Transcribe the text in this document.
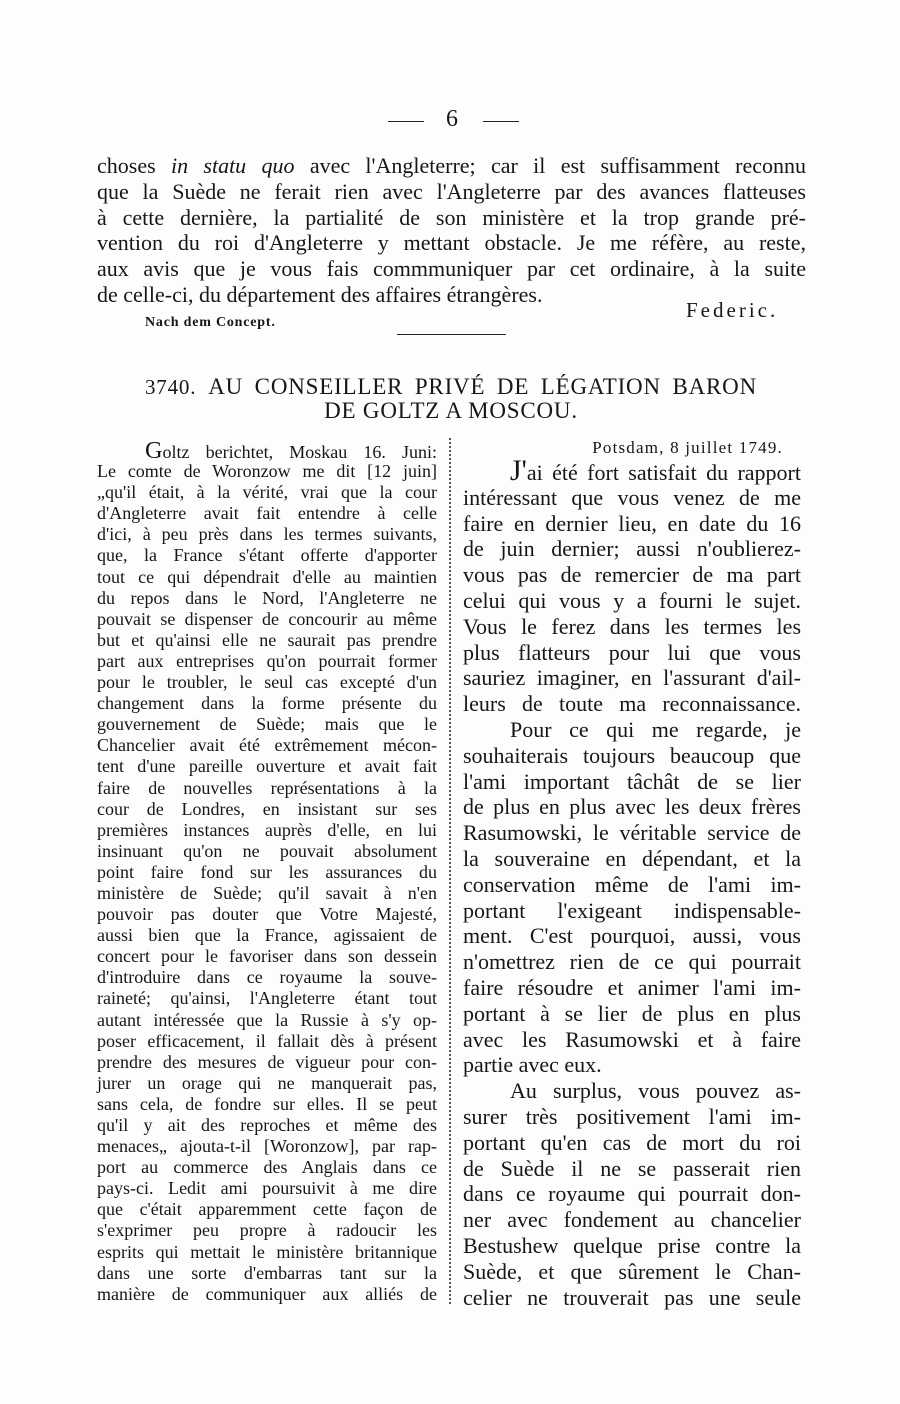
6
choses in statu quo avec l'Angleterre; car il est suffisamment reconnu
que la Suède ne ferait rien avec l'Angleterre par des avances flatteuses
à cette dernière, la partialité de son ministère et la trop grande pré-
vention du roi d'Angleterre y mettant obstacle. Je me réfère, au reste,
aux avis que je vous fais commmuniquer par cet ordinaire, à la suite
de celle-ci, du département des affaires étrangères.
Federic.
Nach dem Concept.
3740. AU CONSEILLER PRIVÉ DE LÉGATION BARON
DE GOLTZ A MOSCOU.
Goltz berichtet, Moskau 16. Juni:
Le comte de Woronzow me dit [12 juin]
„qu'il était, à la vérité, vrai que la cour
d'Angleterre avait fait entendre à celle
d'ici, à peu près dans les termes suivants,
que, la France s'étant offerte d'apporter
tout ce qui dépendrait d'elle au maintien
du repos dans le Nord, l'Angleterre ne
pouvait se dispenser de concourir au même
but et qu'ainsi elle ne saurait pas prendre
part aux entreprises qu'on pourrait former
pour le troubler, le seul cas excepté d'un
changement dans la forme présente du
gouvernement de Suède; mais que le
Chancelier avait été extrêmement mécon-
tent d'une pareille ouverture et avait fait
faire de nouvelles représentations à la
cour de Londres, en insistant sur ses
premières instances auprès d'elle, en lui
insinuant qu'on ne pouvait absolument
point faire fond sur les assurances du
ministère de Suède; qu'il savait à n'en
pouvoir pas douter que Votre Majesté,
aussi bien que la France, agissaient de
concert pour le favoriser dans son dessein
d'introduire dans ce royaume la souve-
raineté; qu'ainsi, l'Angleterre étant tout
autant intéressée que la Russie à s'y op-
poser efficacement, il fallait dès à présent
prendre des mesures de vigueur pour con-
jurer un orage qui ne manquerait pas,
sans cela, de fondre sur elles. Il se peut
qu'il y ait des reproches et même des
menaces„ ajouta-t-il [Woronzow], par rap-
port au commerce des Anglais dans ce
pays-ci. Ledit ami poursuivit à me dire
que c'était apparemment cette façon de
s'exprimer peu propre à radoucir les
esprits qui mettait le ministère britannique
dans une sorte d'embarras tant sur la
manière de communiquer aux alliés de
Potsdam, 8 juillet 1749.
J'ai été fort satisfait du rapport
intéressant que vous venez de me
faire en dernier lieu, en date du 16
de juin dernier; aussi n'oublierez-
vous pas de remercier de ma part
celui qui vous y a fourni le sujet.
Vous le ferez dans les termes les
plus flatteurs pour lui que vous
sauriez imaginer, en l'assurant d'ail-
leurs de toute ma reconnaissance.
Pour ce qui me regarde, je
souhaiterais toujours beaucoup que
l'ami important tâchât de se lier
de plus en plus avec les deux frères
Rasumowski, le véritable service de
la souveraine en dépendant, et la
conservation même de l'ami im-
portant l'exigeant indispensable-
ment. C'est pourquoi, aussi, vous
n'omettrez rien de ce qui pourrait
faire résoudre et animer l'ami im-
portant à se lier de plus en plus
avec les Rasumowski et à faire
partie avec eux.
Au surplus, vous pouvez as-
surer très positivement l'ami im-
portant qu'en cas de mort du roi
de Suède il ne se passerait rien
dans ce royaume qui pourrait don-
ner avec fondement au chancelier
Bestushew quelque prise contre la
Suède, et que sûrement le Chan-
celier ne trouverait pas une seule
